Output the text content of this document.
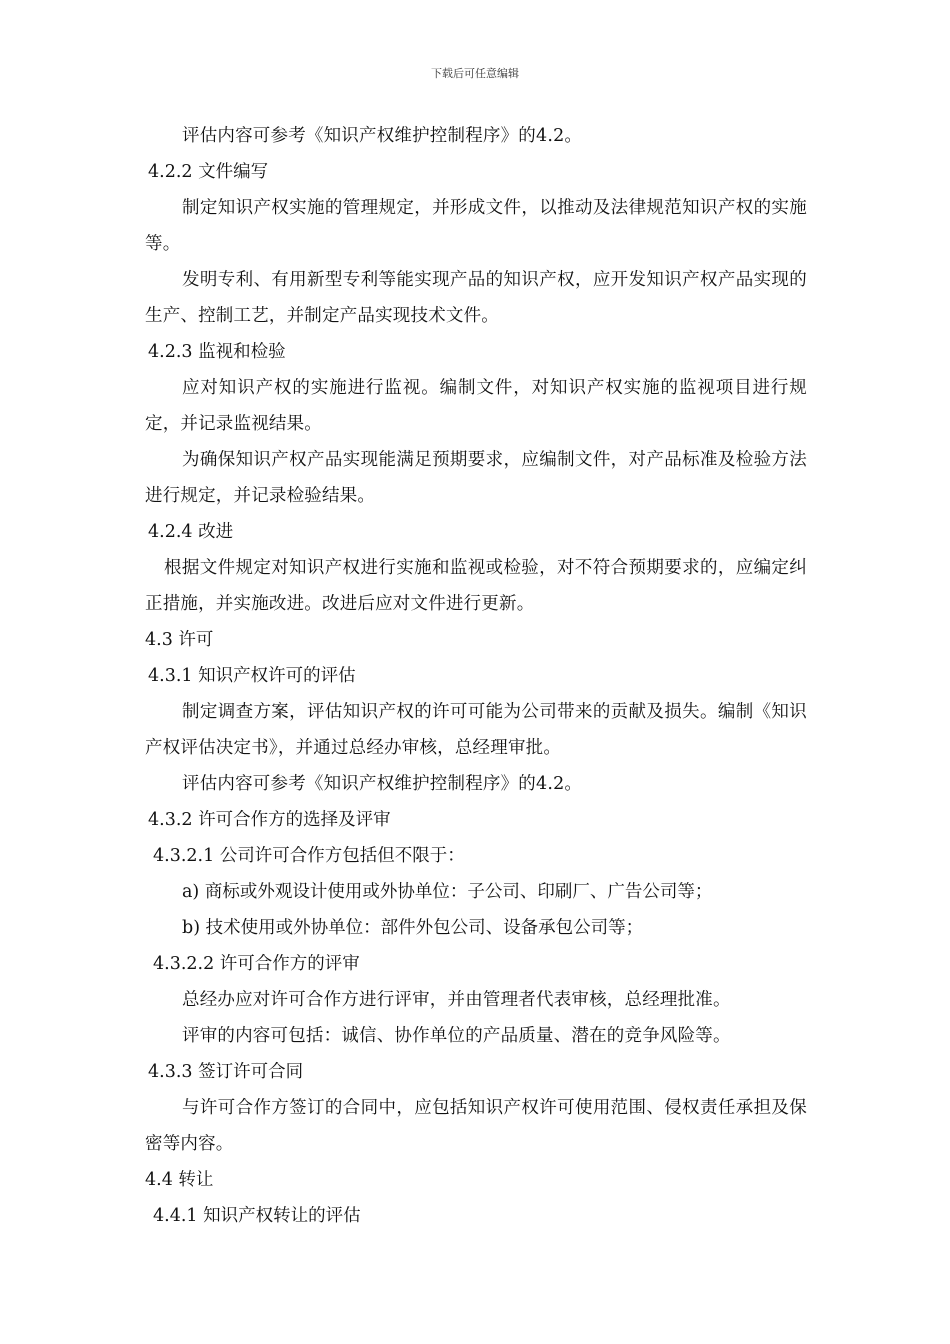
下载后可任意编辑

评估内容可参考《知识产权维护控制程序》的4.2。

4.2.2 文件编写

制定知识产权实施的管理规定，并形成文件，以推动及法律规范知识产权的实施等。

发明专利、有用新型专利等能实现产品的知识产权，应开发知识产权产品实现的生产、控制工艺，并制定产品实现技术文件。

4.2.3 监视和检验

应对知识产权的实施进行监视。编制文件，对知识产权实施的监视项目进行规定，并记录监视结果。

为确保知识产权产品实现能满足预期要求，应编制文件，对产品标准及检验方法进行规定，并记录检验结果。

4.2.4 改进

根据文件规定对知识产权进行实施和监视或检验，对不符合预期要求的，应编定纠正措施，并实施改进。改进后应对文件进行更新。

4.3 许可

4.3.1 知识产权许可的评估

制定调查方案，评估知识产权的许可可能为公司带来的贡献及损失。编制《知识产权评估决定书》，并通过总经办审核，总经理审批。

评估内容可参考《知识产权维护控制程序》的4.2。

4.3.2 许可合作方的选择及评审

4.3.2.1 公司许可合作方包括但不限于：

a) 商标或外观设计使用或外协单位：子公司、印刷厂、广告公司等；

b) 技术使用或外协单位：部件外包公司、设备承包公司等；

4.3.2.2 许可合作方的评审

总经办应对许可合作方进行评审，并由管理者代表审核，总经理批准。

评审的内容可包括：诚信、协作单位的产品质量、潜在的竞争风险等。

4.3.3 签订许可合同

与许可合作方签订的合同中，应包括知识产权许可使用范围、侵权责任承担及保密等内容。

4.4 转让

4.4.1 知识产权转让的评估
